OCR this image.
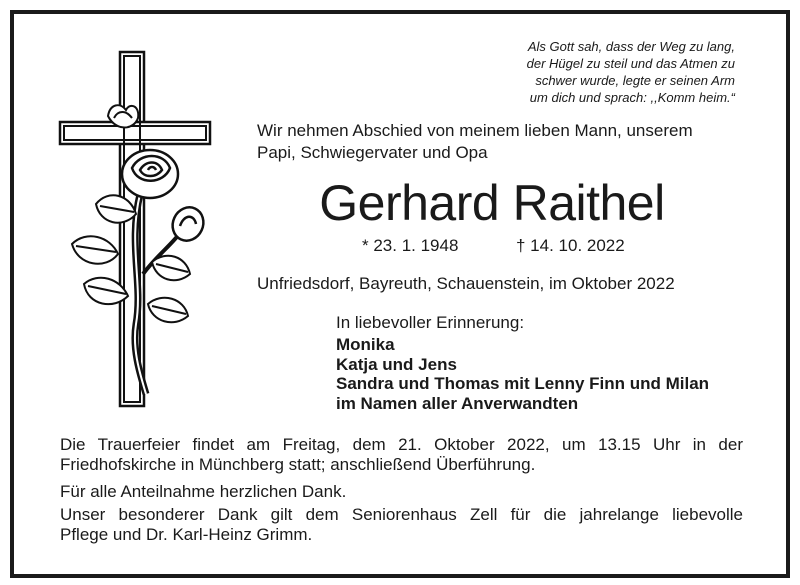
Als Gott sah, dass der Weg zu lang,
der Hügel zu steil und das Atmen zu
schwer wurde, legte er seinen Arm
um dich und sprach: ,,Komm heim.“
Wir nehmen Abschied von meinem lieben Mann, unserem
Papi, Schwiegervater und Opa
Gerhard Raithel
* 23. 1. 1948	† 14. 10. 2022
Unfriedsdorf, Bayreuth, Schauenstein, im Oktober 2022
In liebevoller Erinnerung:
Monika
Katja und Jens
Sandra und Thomas mit Lenny Finn und Milan
im Namen aller Anverwandten
Die Trauerfeier findet am Freitag, dem 21. Oktober 2022, um 13.15 Uhr in der
Friedhofskirche in Münchberg statt; anschließend Überführung.
Für alle Anteilnahme herzlichen Dank.
Unser besonderer Dank gilt dem Seniorenhaus Zell für die jahrelange liebevolle
Pflege und Dr. Karl-Heinz Grimm.
